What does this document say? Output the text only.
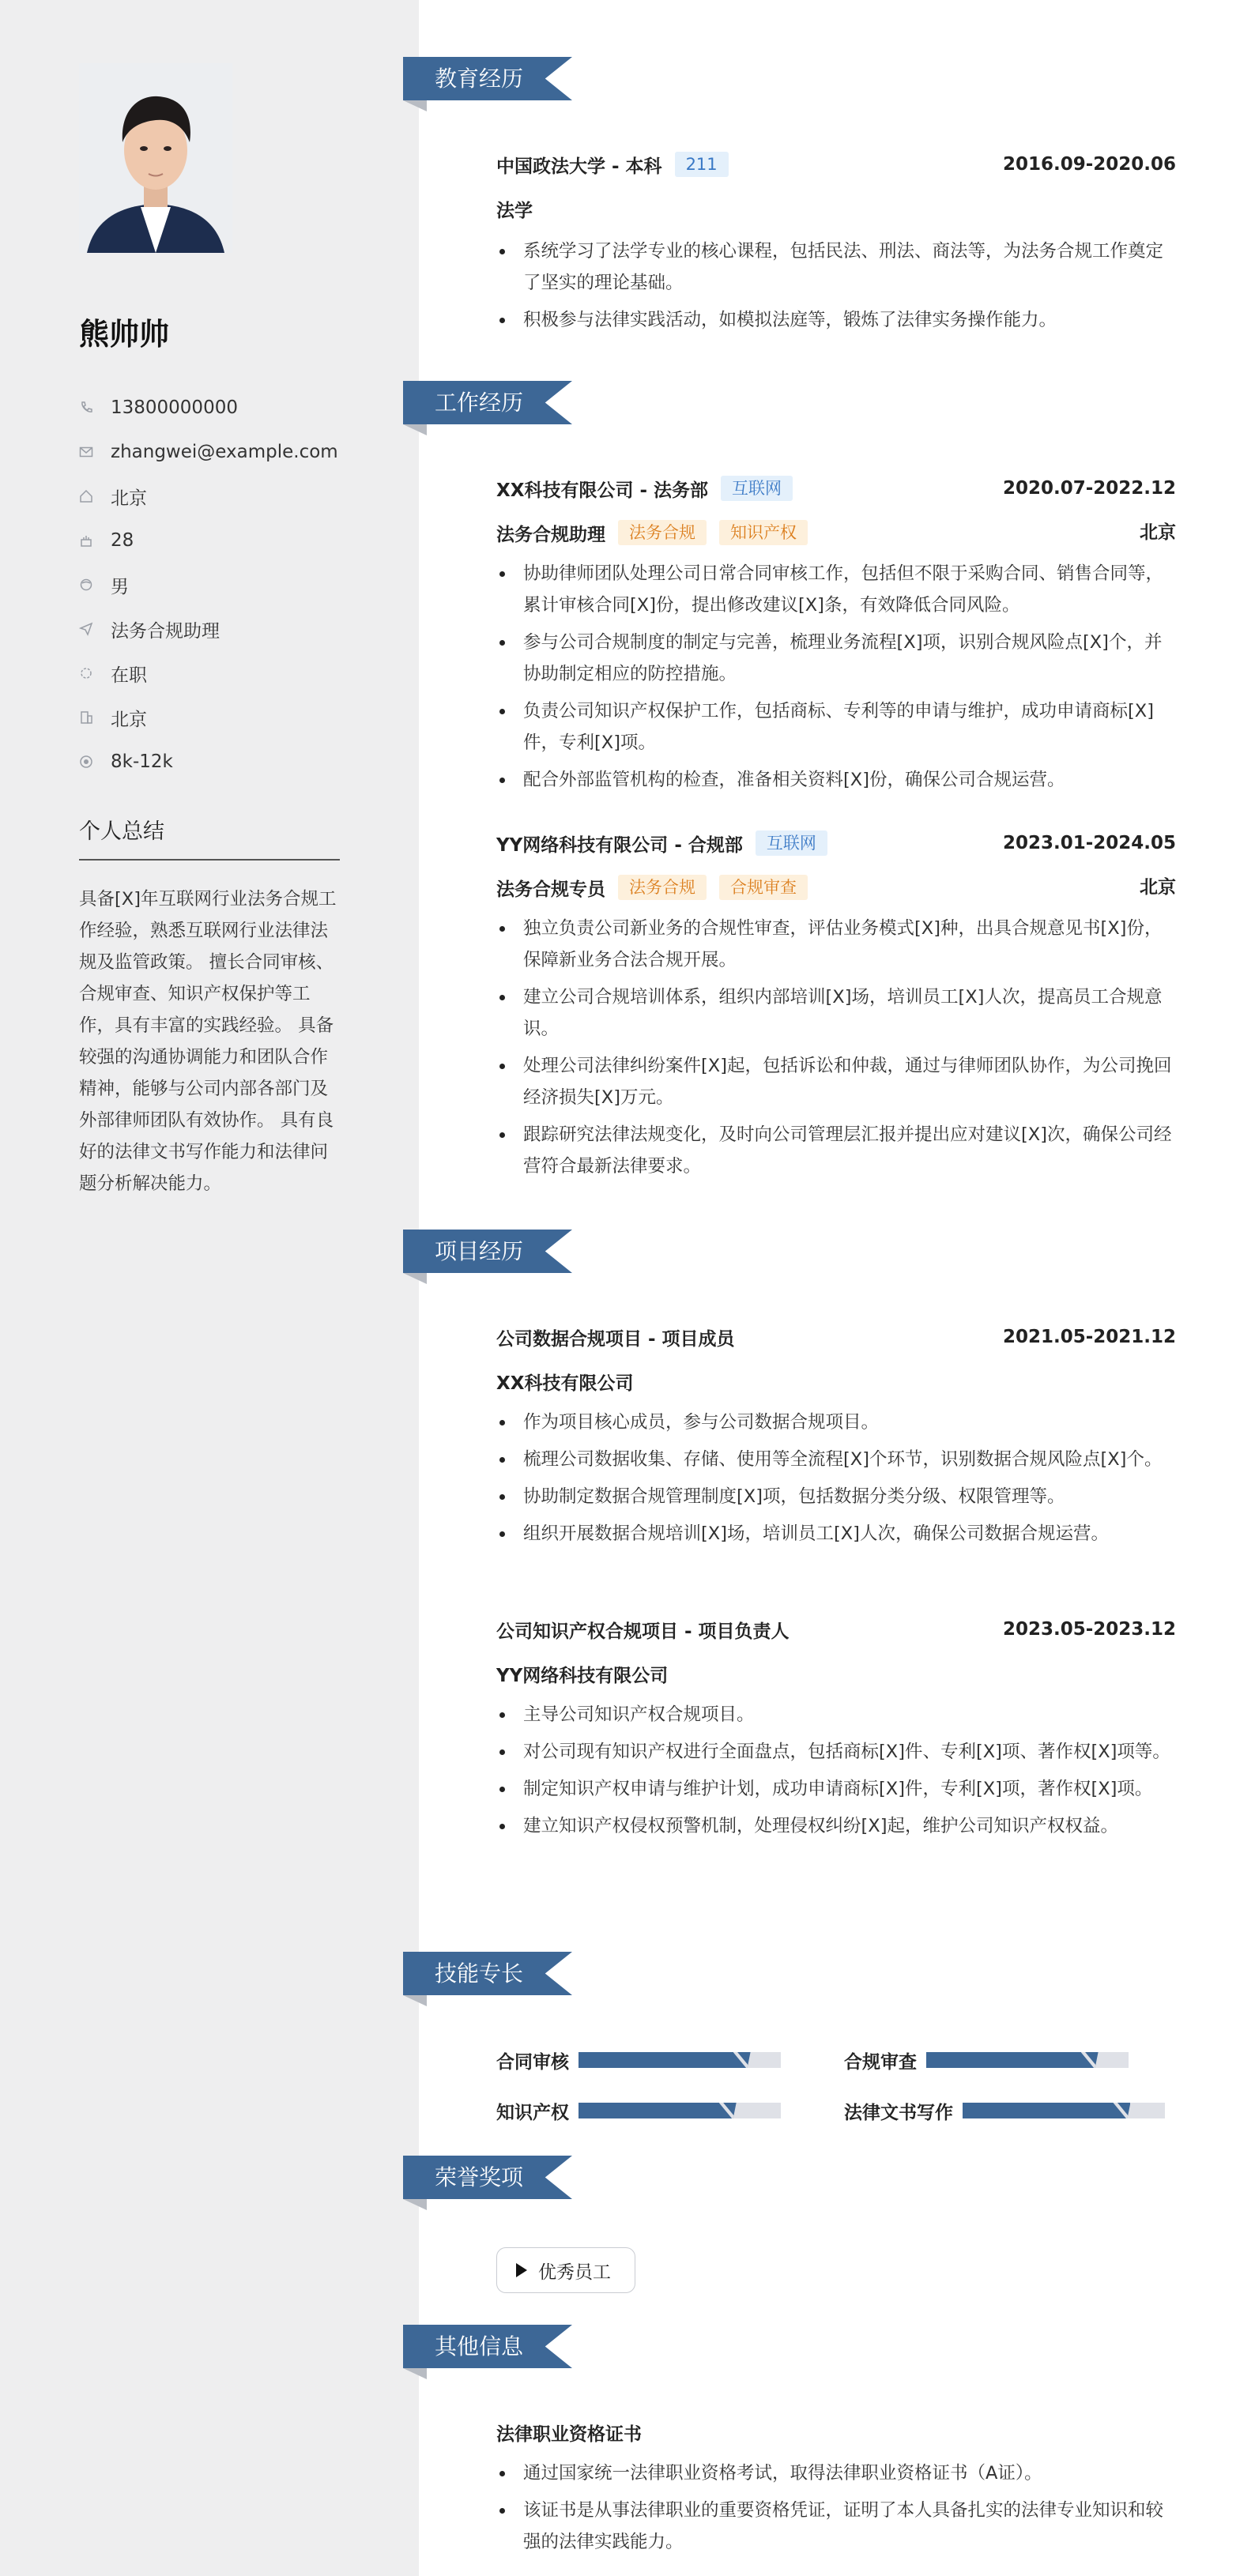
熊帅帅
13800000000
zhangwei@example.com
北京
28
男
法务合规助理
在职
北京
8k-12k
个人总结
具备[X]年互联网行业法务合规工作经验，熟悉互联网行业法律法规及监管政策。 擅长合同审核、合规审查、知识产权保护等工作，具有丰富的实践经验。 具备较强的沟通协调能力和团队合作精神，能够与公司内部各部门及外部律师团队有效协作。 具有良好的法律文书写作能力和法律问题分析解决能力。
教育经历
中国政法大学 - 本科	211	2016.09-2020.06
法学
系统学习了法学专业的核心课程，包括民法、刑法、商法等，为法务合规工作奠定了坚实的理论基础。
积极参与法律实践活动，如模拟法庭等，锻炼了法律实务操作能力。
工作经历
XX科技有限公司 - 法务部	互联网	2020.07-2022.12
法务合规助理	法务合规	知识产权	北京
协助律师团队处理公司日常合同审核工作，包括但不限于采购合同、销售合同等，累计审核合同[X]份，提出修改建议[X]条，有效降低合同风险。
参与公司合规制度的制定与完善，梳理业务流程[X]项，识别合规风险点[X]个，并协助制定相应的防控措施。
负责公司知识产权保护工作，包括商标、专利等的申请与维护，成功申请商标[X]件，专利[X]项。
配合外部监管机构的检查，准备相关资料[X]份，确保公司合规运营。
YY网络科技有限公司 - 合规部	互联网	2023.01-2024.05
法务合规专员	法务合规	合规审查	北京
独立负责公司新业务的合规性审查，评估业务模式[X]种，出具合规意见书[X]份，保障新业务合法合规开展。
建立公司合规培训体系，组织内部培训[X]场，培训员工[X]人次，提高员工合规意识。
处理公司法律纠纷案件[X]起，包括诉讼和仲裁，通过与律师团队协作，为公司挽回经济损失[X]万元。
跟踪研究法律法规变化，及时向公司管理层汇报并提出应对建议[X]次，确保公司经营符合最新法律要求。
项目经历
公司数据合规项目 - 项目成员	2021.05-2021.12
XX科技有限公司
作为项目核心成员，参与公司数据合规项目。
梳理公司数据收集、存储、使用等全流程[X]个环节，识别数据合规风险点[X]个。
协助制定数据合规管理制度[X]项，包括数据分类分级、权限管理等。
组织开展数据合规培训[X]场，培训员工[X]人次，确保公司数据合规运营。
公司知识产权合规项目 - 项目负责人	2023.05-2023.12
YY网络科技有限公司
主导公司知识产权合规项目。
对公司现有知识产权进行全面盘点，包括商标[X]件、专利[X]项、著作权[X]项等。
制定知识产权申请与维护计划，成功申请商标[X]件，专利[X]项，著作权[X]项。
建立知识产权侵权预警机制，处理侵权纠纷[X]起，维护公司知识产权权益。
技能专长
合同审核	合规审查
知识产权	法律文书写作
荣誉奖项
优秀员工
其他信息
法律职业资格证书
通过国家统一法律职业资格考试，取得法律职业资格证书（A证）。
该证书是从事法律职业的重要资格凭证，证明了本人具备扎实的法律专业知识和较强的法律实践能力。
